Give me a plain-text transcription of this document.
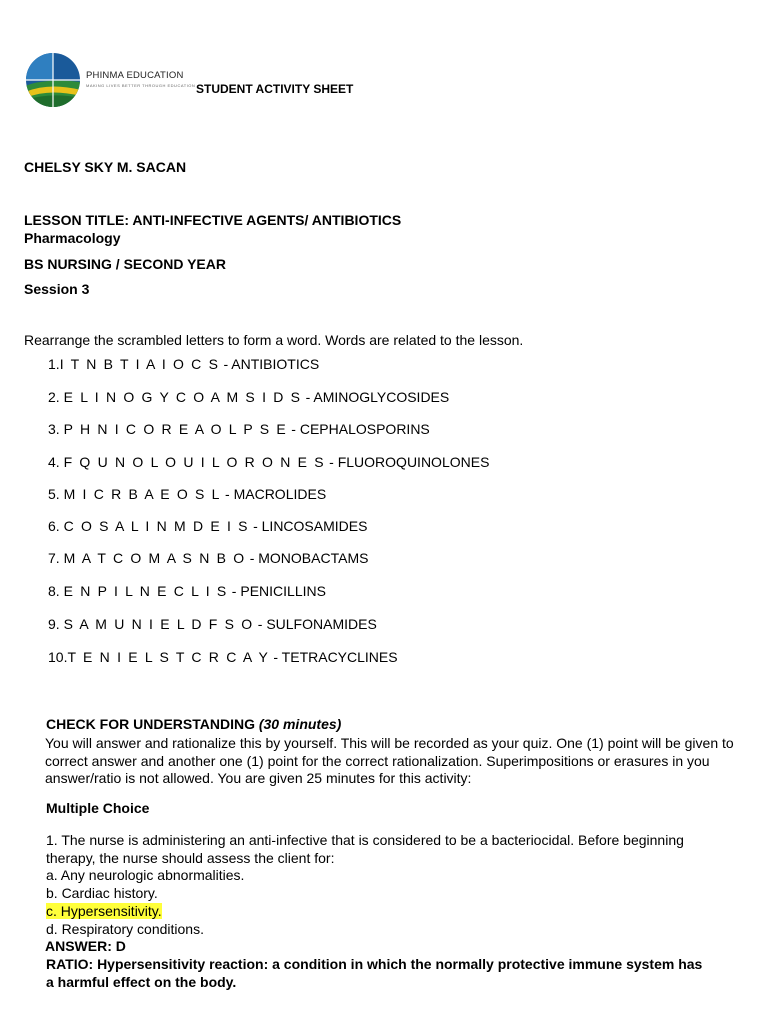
PHINMA EDUCATION
MAKING LIVES BETTER THROUGH EDUCATION STUDENT ACTIVITY SHEET
CHELSY SKY M. SACAN
LESSON TITLE: ANTI-INFECTIVE AGENTS/ ANTIBIOTICS
Pharmacology
BS NURSING / SECOND YEAR
Session 3
Rearrange the scrambled letters to form a word. Words are related to the lesson.
1.I T N B T I A I O C S - ANTIBIOTICS
2. E L I N O G Y C O A M S I D S - AMINOGLYCOSIDES
3. P H N I C O R E A O L P S E - CEPHALOSPORINS
4. F Q U N O L O U I L O R O N E S - FLUOROQUINOLONES
5. M I C R B A E O S L - MACROLIDES
6. C O S A L I N M D E I S - LINCOSAMIDES
7. M A T C O M A S N B O - MONOBACTAMS
8. E N P I L N E C L I S - PENICILLINS
9. S A M U N I E L D F S O - SULFONAMIDES
10.T E N I E L S T C R C A Y - TETRACYCLINES
CHECK FOR UNDERSTANDING (30 minutes)
You will answer and rationalize this by yourself. This will be recorded as your quiz. One (1) point will be given to correct answer and another one (1) point for the correct rationalization. Superimpositions or erasures in you answer/ratio is not allowed. You are given 25 minutes for this activity:
Multiple Choice
1. The nurse is administering an anti-infective that is considered to be a bacteriocidal. Before beginning therapy, the nurse should assess the client for:
a. Any neurologic abnormalities.
b. Cardiac history.
c. Hypersensitivity.
d. Respiratory conditions.
ANSWER: D
RATIO: Hypersensitivity reaction: a condition in which the normally protective immune system has a harmful effect on the body.
